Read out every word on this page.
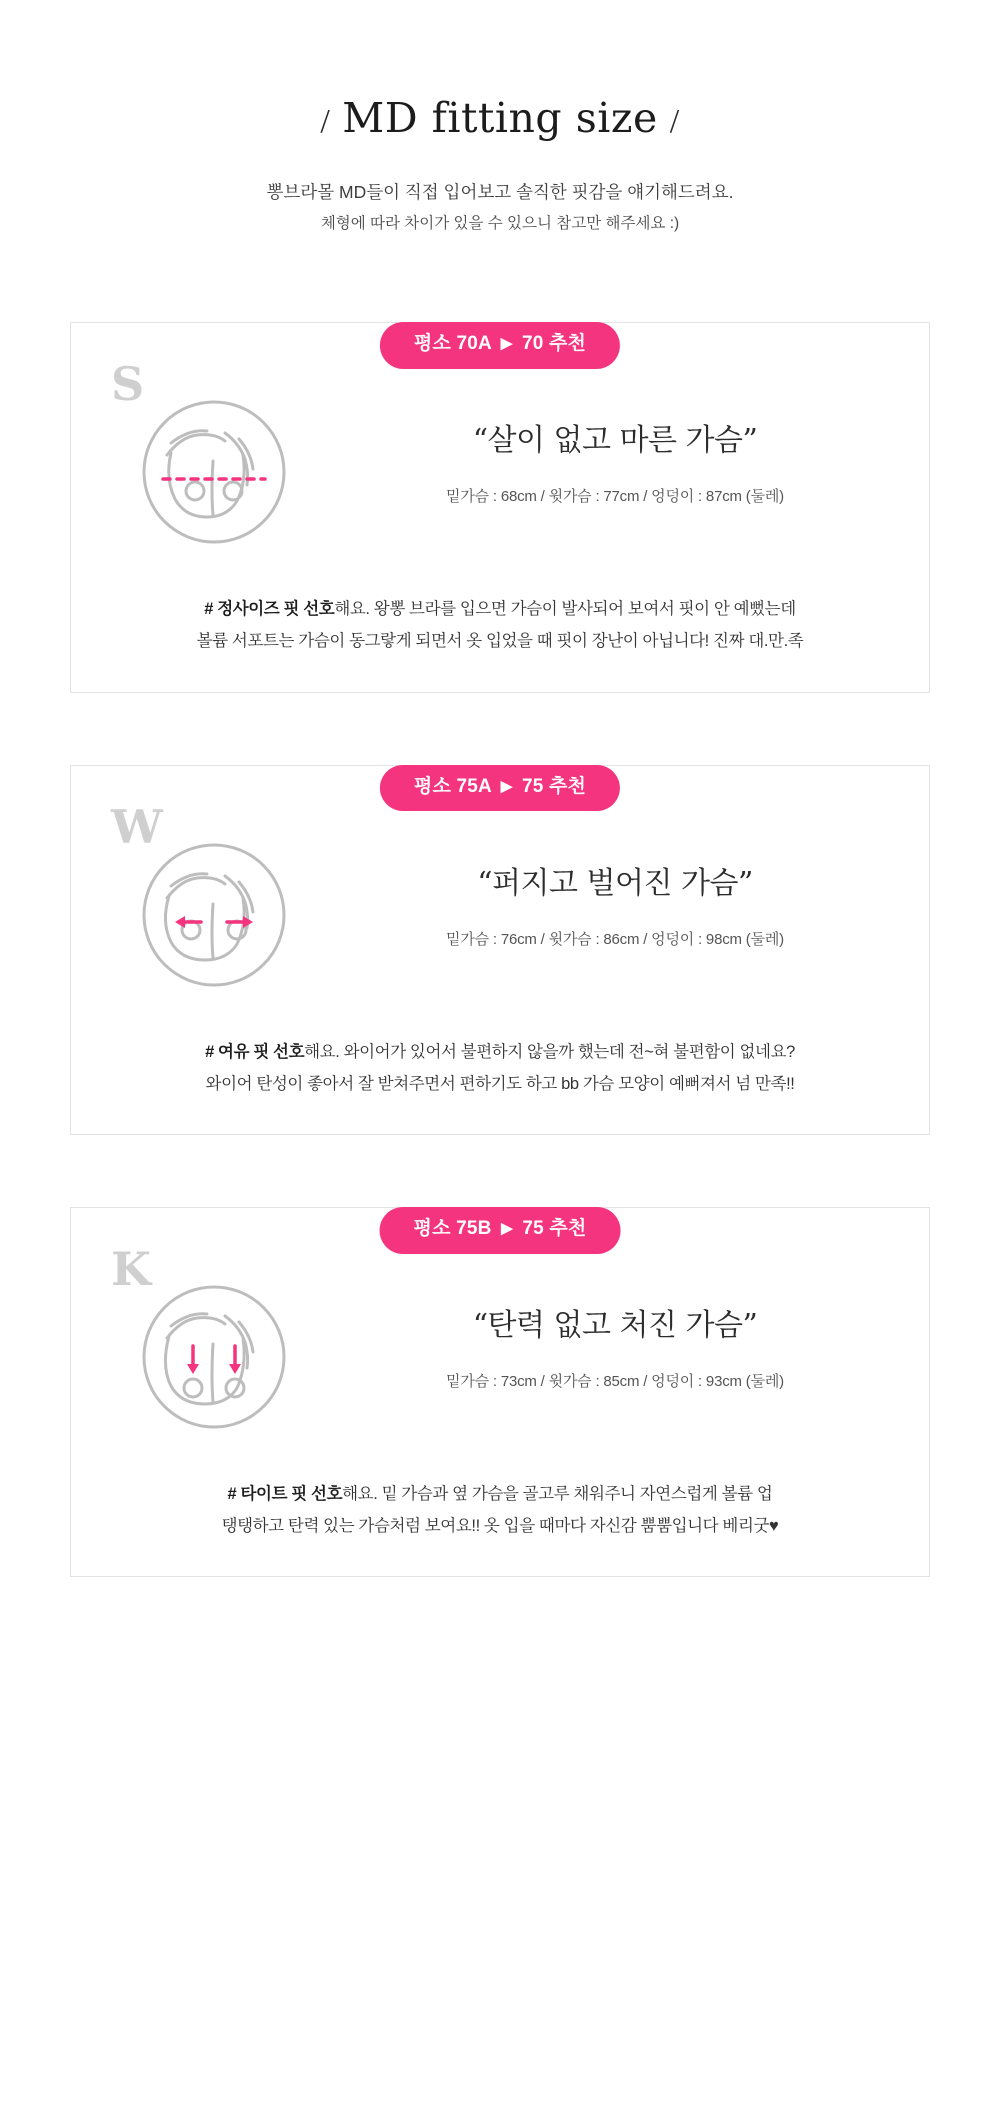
/ MD fitting size /
뽕브라몰 MD들이 직접 입어보고 솔직한 핏감을 얘기해드려요.
체형에 따라 차이가 있을 수 있으니 참고만 해주세요 :)
평소 70A ▶ 70 추천
S
“살이 없고 마른 가슴”
밑가슴 : 68cm / 윗가슴 : 77cm / 엉덩이 : 87cm (둘레)
# 정사이즈 핏 선호해요. 왕뽕 브라를 입으면 가슴이 발사되어 보여서 핏이 안 예뻤는데
볼륨 서포트는 가슴이 동그랗게 되면서 옷 입었을 때 핏이 장난이 아닙니다! 진짜 대.만.족
평소 75A ▶ 75 추천
W
“퍼지고 벌어진 가슴”
밑가슴 : 76cm / 윗가슴 : 86cm / 엉덩이 : 98cm (둘레)
# 여유 핏 선호해요. 와이어가 있어서 불편하지 않을까 했는데 전~혀 불편함이 없네요?
와이어 탄성이 좋아서 잘 받쳐주면서 편하기도 하고 bb 가슴 모양이 예뻐져서 넘 만족!!
평소 75B ▶ 75 추천
K
“탄력 없고 처진 가슴”
밑가슴 : 73cm / 윗가슴 : 85cm / 엉덩이 : 93cm (둘레)
# 타이트 핏 선호해요. 밑 가슴과 옆 가슴을 골고루 채워주니 자연스럽게 볼륨 업
탱탱하고 탄력 있는 가슴처럼 보여요!! 옷 입을 때마다 자신감 뿜뿜입니다 베리굿♥
